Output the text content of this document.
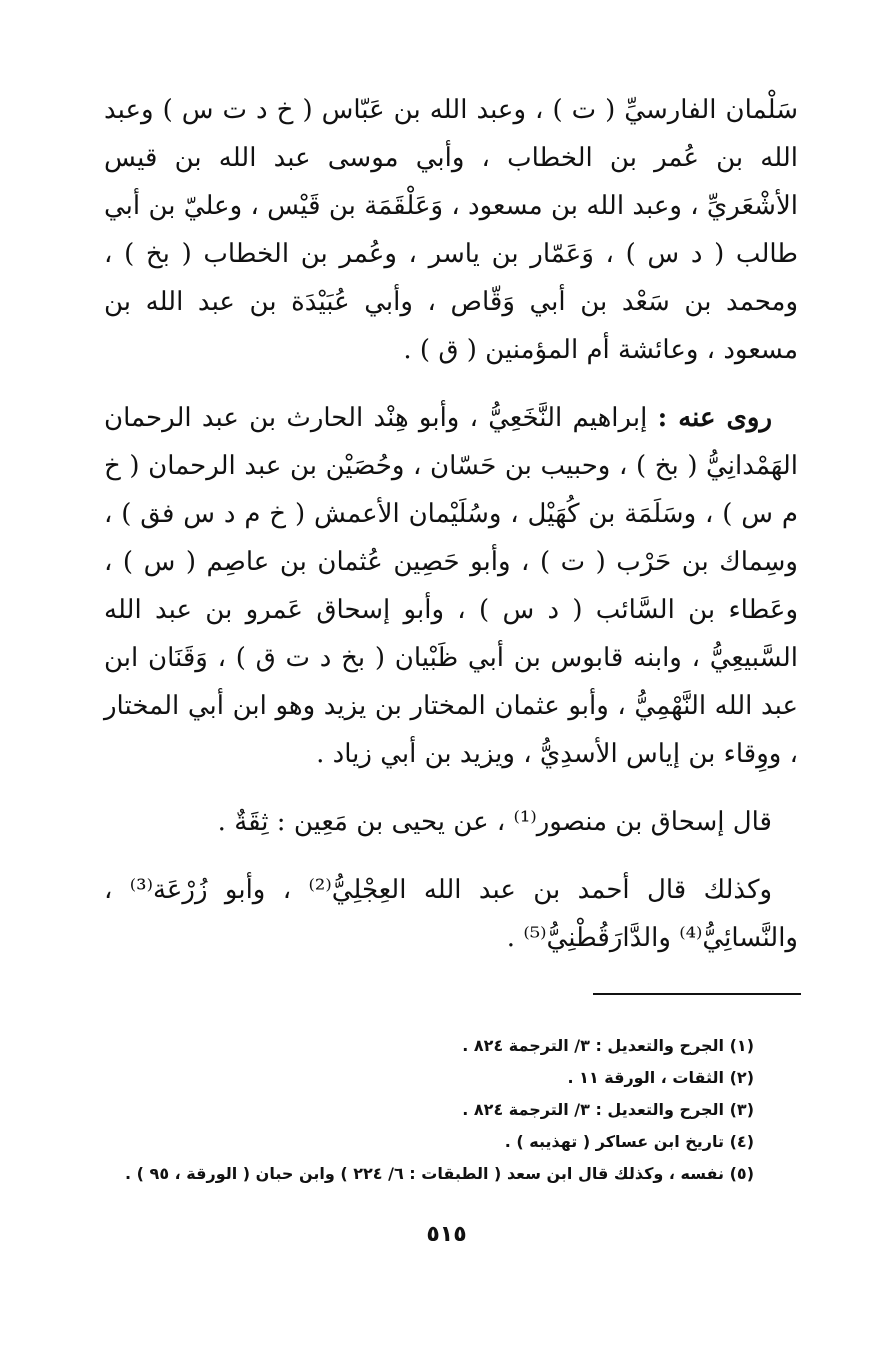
سَلْمان الفارسيِّ ( ت ) ، وعبد الله بن عَبّاس ( خ د ت س ) وعبد الله بن عُمر بن الخطاب ، وأبي موسى عبد الله بن قيس الأشْعَريِّ ، وعبد الله بن مسعود ، وَعَلْقَمَة بن قَيْس ، وعليّ بن أبي طالب ( د س ) ، وَعَمّار بن ياسر ، وعُمر بن الخطاب ( بخ ) ، ومحمد بن سَعْد بن أبي وَقّاص ، وأبي عُبَيْدَة بن عبد الله بن مسعود ، وعائشة أم المؤمنين ( ق ) .

روى عنه : إبراهيم النَّخَعِيُّ ، وأبو هِنْد الحارث بن عبد الرحمان الهَمْدانِيُّ ( بخ ) ، وحبيب بن حَسّان ، وحُصَيْن بن عبد الرحمان ( خ م س ) ، وسَلَمَة بن كُهَيْل ، وسُلَيْمان الأعمش ( خ م د س فق ) ، وسِماك بن حَرْب ( ت ) ، وأبو حَصِين عُثمان بن عاصِم ( س ) ، وعَطاء بن السَّائب ( د س ) ، وأبو إسحاق عَمرو بن عبد الله السَّبيعِيُّ ، وابنه قابوس بن أبي ظَبْيان ( بخ د ت ق ) ، وَقَنَان ابن عبد الله النَّهْمِيُّ ، وأبو عثمان المختار بن يزيد وهو ابن أبي المختار ، ووِقاء بن إياس الأسدِيُّ ، ويزيد بن أبي زياد .

قال إسحاق بن منصور⁽¹⁾ ، عن يحيى بن مَعِين : ثِقَةٌ .

وكذلك قال أحمد بن عبد الله العِجْلِيُّ⁽²⁾ ، وأبو زُرْعَة⁽³⁾ ، والنَّسائِيُّ⁽⁴⁾ والدَّارَقُطْنِيُّ⁽⁵⁾ .

(١) الجرح والتعديل : ٣/ الترجمة ٨٢٤ .
(٢) الثقات ، الورقة ١١ .
(٣) الجرح والتعديل : ٣/ الترجمة ٨٢٤ .
(٤) تاريخ ابن عساكر ( تهذيبه ) .
(٥) نفسه ، وكذلك قال ابن سعد ( الطبقات : ٦/ ٢٢٤ ) وابن حبان ( الورقة ، ٩٥ ) .
٥١٥
